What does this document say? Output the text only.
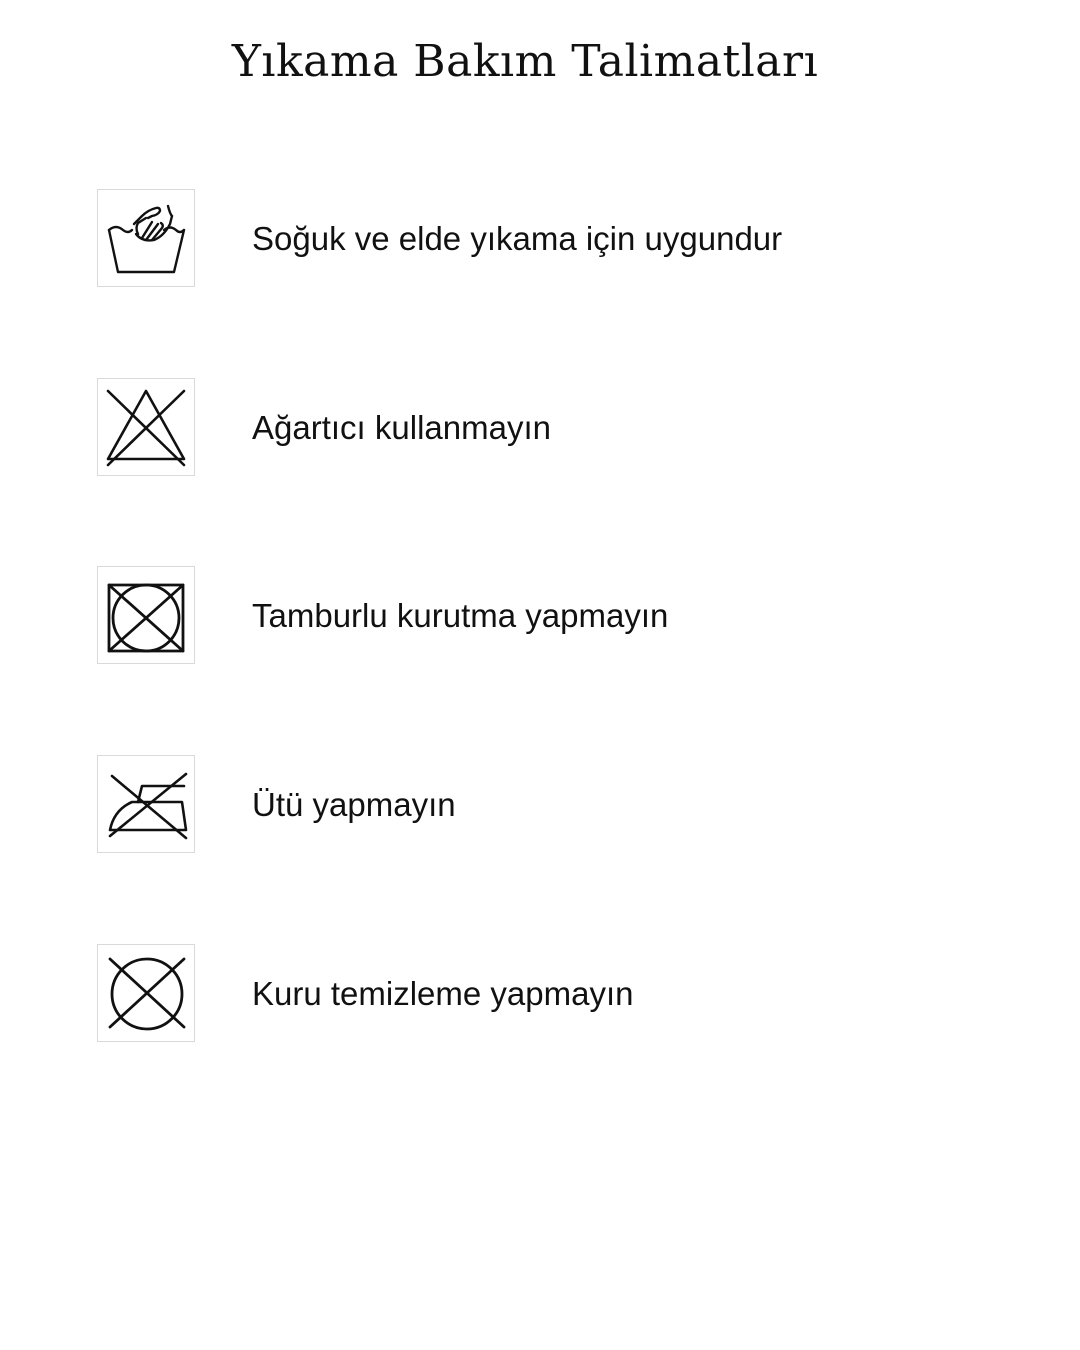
Yıkama Bakım Talimatları
Soğuk ve elde yıkama için uygundur
Ağartıcı kullanmayın
Tamburlu kurutma yapmayın
Ütü yapmayın
Kuru temizleme yapmayın
